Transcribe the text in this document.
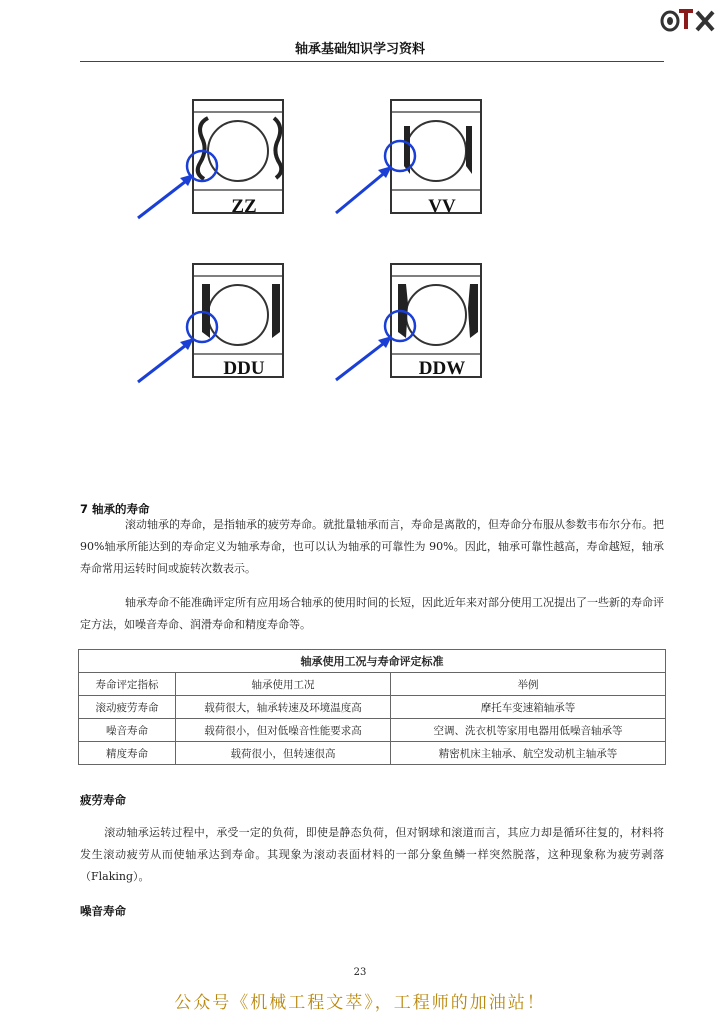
轴承基础知识学习资料
ZZ	VV
DDU	DDW
7 轴承的寿命
滚动轴承的寿命，是指轴承的疲劳寿命。就批量轴承而言，寿命是离散的，但寿命分布服从参数韦布尔分布。把 90%轴承所能达到的寿命定义为轴承寿命，也可以认为轴承的可靠性为 90%。因此，轴承可靠性越高，寿命越短，轴承寿命常用运转时间或旋转次数表示。
轴承寿命不能准确评定所有应用场合轴承的使用时间的长短，因此近年来对部分使用工况提出了一些新的寿命评定方法，如噪音寿命、润滑寿命和精度寿命等。
轴承使用工况与寿命评定标准		
寿命评定指标	轴承使用工况	举例
滚动疲劳寿命	载荷很大，轴承转速及环境温度高	摩托车变速箱轴承等
噪音寿命	载荷很小，但对低噪音性能要求高	空调、洗衣机等家用电器用低噪音轴承等
精度寿命	载荷很小，但转速很高	精密机床主轴承、航空发动机主轴承等
疲劳寿命
滚动轴承运转过程中，承受一定的负荷，即使是静态负荷，但对钢球和滚道而言，其应力却是循环往复的，材料将发生滚动疲劳从而使轴承达到寿命。其现象为滚动表面材料的一部分象鱼鳞一样突然脱落，这种现象称为疲劳剥落（Flaking）。
噪音寿命
23
公众号《机械工程文萃》，工程师的加油站！
